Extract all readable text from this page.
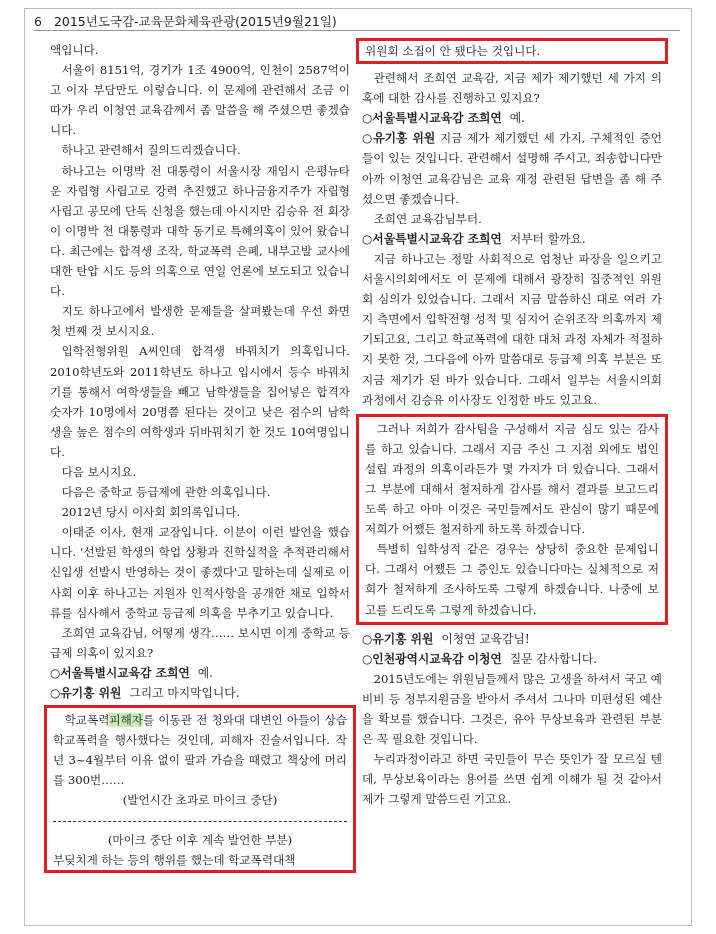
6 2015년도국감-교육문화체육관광(2015년9월21일)
액입니다.
서울이 8151억, 경기가 1조 4900억, 인천이 2587억이고 이자 부담만도 이렇습니다. 이 문제에 관련해서 조금 이따가 우리 이청연 교육감께서 좀 말씀을 해 주셨으면 좋겠습니다.
하나고 관련해서 질의드리겠습니다.
하나고는 이명박 전 대통령이 서울시장 재임시 은평뉴타운 자립형 사립고로 강력 추진했고 하나금융지주가 자립형 사립고 공모에 단독 신청을 했는데 아시지만 김승유 전 회장이 이명박 전 대통령과 대학 동기로 특혜의혹이 있어 왔습니다. 최근에는 합격생 조작, 학교폭력 은폐, 내부고발 교사에 대한 탄압 시도 등의 의혹으로 연일 언론에 보도되고 있습니다.
지도 하나고에서 발생한 문제들을 살펴봤는데 우선 화면 첫 번째 것 보시지요.
입학전형위원 A씨인데 합격생 바꿔치기 의혹입니다. 2010학년도와 2011학년도 하나고 입시에서 등수 바꿔치기를 통해서 여학생들을 빼고 남학생들을 집어넣은 합격자 숫자가 10명에서 20명쯤 된다는 것이고 낮은 점수의 남학생을 높은 점수의 여학생과 뒤바꿔치기 한 것도 10여명입니다.
다음 보시지요.
다음은 중학교 등급제에 관한 의혹입니다.
2012년 당시 이사회 회의록입니다.
이태준 이사, 현재 교장입니다. 이분이 이런 발언을 했습니다. '선발된 학생의 학업 상황과 진학실적을 추적관리해서 신입생 선발시 반영하는 것이 좋겠다'고 말하는데 실제로 이사회 이후 하나고는 지원자 인적사항을 공개한 채로 입학서류를 심사해서 중학교 등급제 의혹을 부추기고 있습니다.
조희연 교육감님, 어떻게 생각…… 보시면 이게 중학교 등급제 의혹이 있지요?
○서울특별시교육감 조희연 예.
○유기홍 위원 그리고 마지막입니다.
학교폭력피해자를 이동관 전 청와대 대변인 아들이 상습 학교폭력을 행사했다는 것인데, 피해자 진술서입니다. 작년 3~4월부터 이유 없이 팔과 가슴을 때렸고 책상에 머리를 300번……
(발언시간 초과로 마이크 중단)
(마이크 중단 이후 계속 발언한 부분)
부딪치게 하는 등의 행위를 했는데 학교폭력대책
위원회 소집이 안 됐다는 것입니다.
관련해서 조희연 교육감, 지금 제가 제기했던 세 가지 의혹에 대한 감사를 진행하고 있지요?
○서울특별시교육감 조희연 예.
○유기홍 위원 지금 제가 제기했던 세 가지, 구체적인 증언들이 있는 것입니다. 관련해서 설명해 주시고, 죄송합니다만 아까 이청연 교육감님은 교육 재정 관련된 답변을 좀 해 주셨으면 좋겠습니다.
조희연 교육감님부터.
○서울특별시교육감 조희연 저부터 할까요.
지금 하나고는 정말 사회적으로 엄청난 파장을 일으키고 서울시의회에서도 이 문제에 대해서 광장히 집중적인 위원회 심의가 있었습니다. 그래서 지금 말씀하신 대로 여러 가지 측면에서 입학전형 성적 및 심지어 순위조작 의혹까지 제기되고요, 그리고 학교폭력에 대한 대처 과정 자체가 적절하지 못한 것, 그다음에 아까 말씀대로 등급제 의혹 부분은 또 지금 제기가 된 바가 있습니다. 그래서 일부는 서울시의회 과정에서 김승유 이사장도 인정한 바도 있고요.
그러나 저희가 감사팀을 구성해서 지금 심도 있는 감사를 하고 있습니다. 그래서 지금 주신 그 지점 외에도 법인설립 과정의 의혹이라든가 몇 가지가 더 있습니다. 그래서 그 부분에 대해서 철저하게 감사를 해서 결과를 보고드리도록 하고 아마 이것은 국민들께서도 관심이 많기 때문에 저희가 어쨌든 철저하게 하도록 하겠습니다.
특별히 입학성적 같은 경우는 상당히 중요한 문제입니다. 그래서 어쨌든 그 증인도 있습니다마는 실체적으로 저희가 철저하게 조사하도록 그렇게 하겠습니다. 나중에 보고를 드리도록 그렇게 하겠습니다.
○유기홍 위원 이청연 교육감님!
○인천광역시교육감 이청연 질문 감사합니다.
2015년도에는 위원님들께서 많은 고생을 하셔서 국고 예비비 등 정부지원금을 받아서 주셔서 그나마 미편성된 예산을 확보를 했습니다. 그것은, 유아 무상보육과 관련된 부분은 꼭 필요한 것입니다.
누리과정이라고 하면 국민들이 무슨 뜻인가 잘 모르실 텐데, 무상보육이라는 용어를 쓰면 쉽게 이해가 될 것 같아서 제가 그렇게 말씀드린 기고요.
